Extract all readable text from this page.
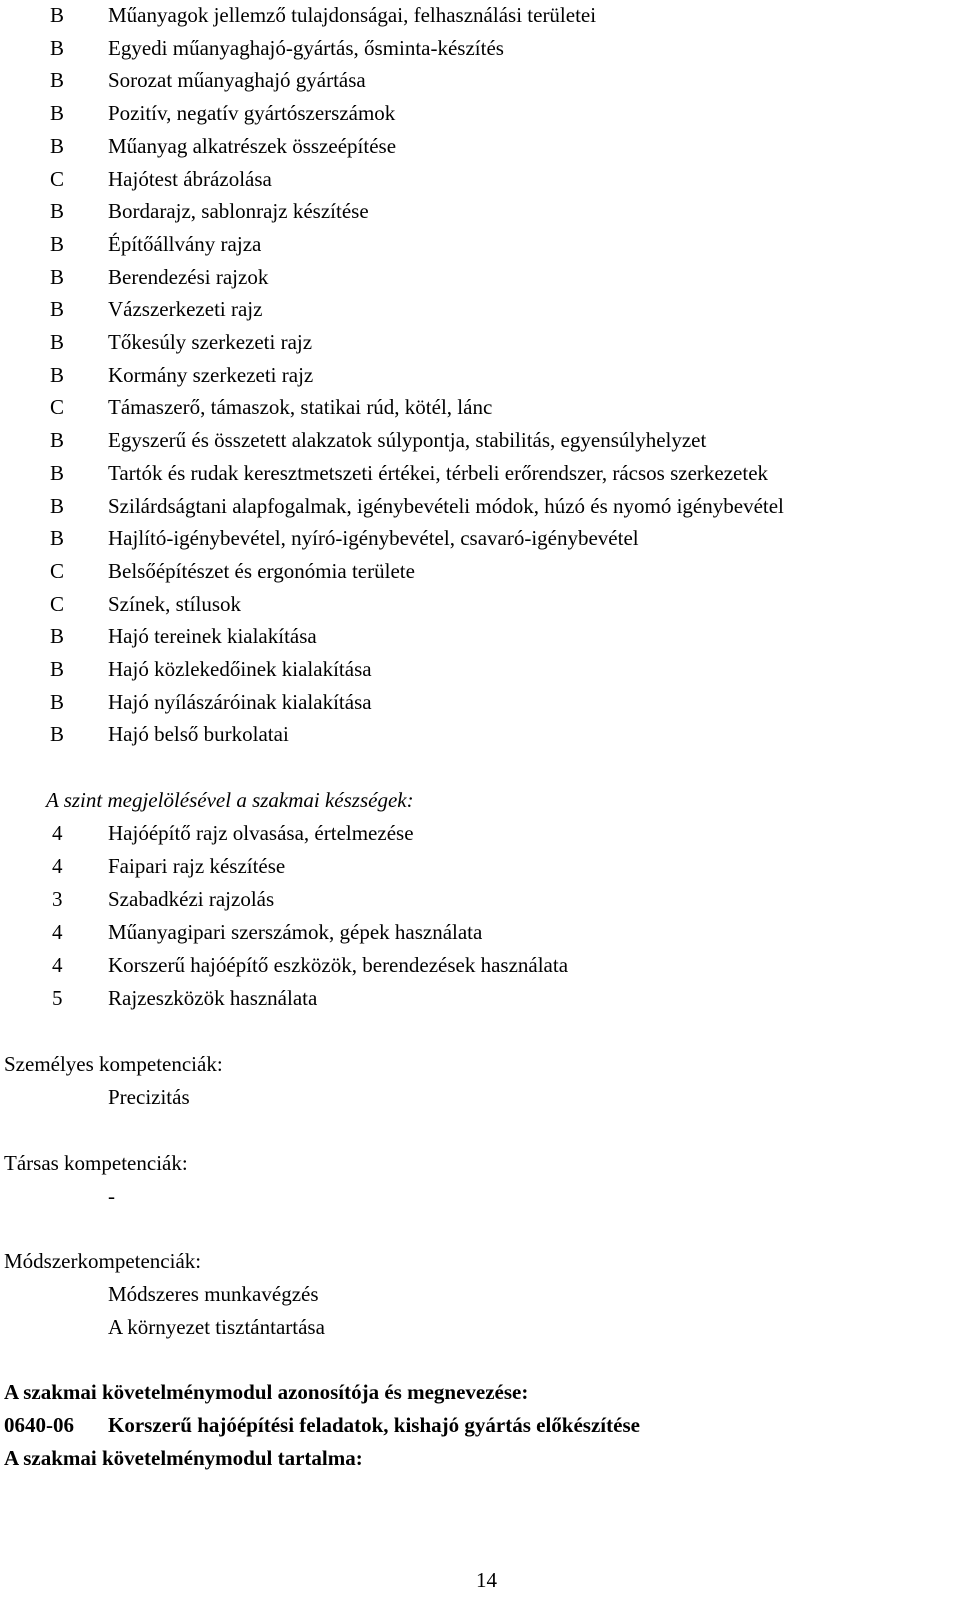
B	Műanyagok jellemző tulajdonságai, felhasználási területei
B	Egyedi műanyaghajó-gyártás, ősminta-készítés
B	Sorozat műanyaghajó gyártása
B	Pozitív, negatív gyártószerszámok
B	Műanyag alkatrészek összeépítése
C	Hajótest ábrázolása
B	Bordarajz, sablonrajz készítése
B	Építőállvány rajza
B	Berendezési rajzok
B	Vázszerkezeti rajz
B	Tőkesúly szerkezeti rajz
B	Kormány szerkezeti rajz
C	Támaszerő, támaszok, statikai rúd, kötél, lánc
B	Egyszerű és összetett alakzatok súlypontja, stabilitás, egyensúlyhelyzet
B	Tartók és rudak keresztmetszeti értékei, térbeli erőrendszer, rácsos szerkezetek
B	Szilárdságtani alapfogalmak, igénybevételi módok, húzó és nyomó igénybevétel
B	Hajlító-igénybevétel, nyíró-igénybevétel, csavaró-igénybevétel
C	Belsőépítészet és ergonómia területe
C	Színek, stílusok
B	Hajó tereinek kialakítása
B	Hajó közlekedőinek kialakítása
B	Hajó nyílászáróinak kialakítása
B	Hajó belső burkolatai
A szint megjelölésével a szakmai készségek:
4	Hajóépítő rajz olvasása, értelmezése
4	Faipari rajz készítése
3	Szabadkézi rajzolás
4	Műanyagipari szerszámok, gépek használata
4	Korszerű hajóépítő eszközök, berendezések használata
5	Rajzeszközök használata
Személyes kompetenciák:
Precizitás
Társas kompetenciák:
-
Módszerkompetenciák:
Módszeres munkavégzés
A környezet tisztántartása
A szakmai követelménymodul azonosítója és megnevezése:
0640-06 Korszerű hajóépítési feladatok, kishajó gyártás előkészítése
A szakmai követelménymodul tartalma:
14
